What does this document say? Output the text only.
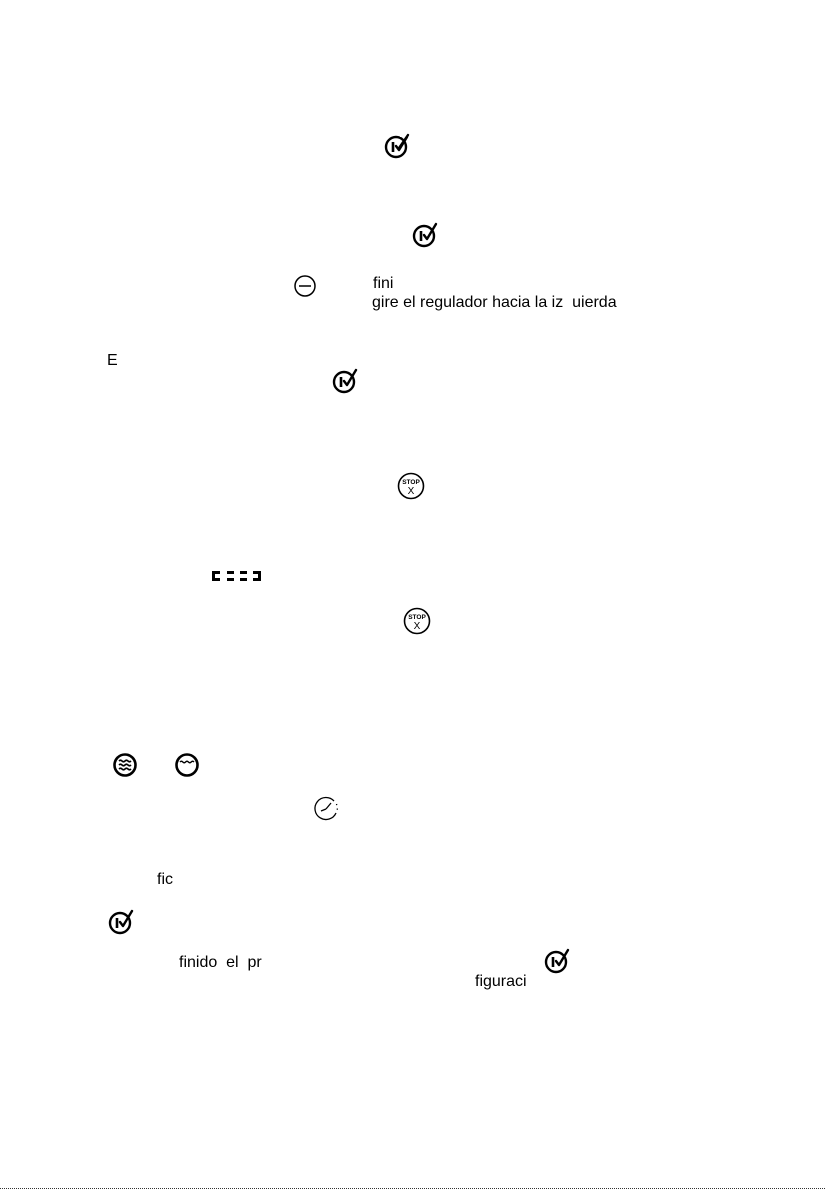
fini
gire el regulador hacia la iz  uierda
E
STOP
X
STOP
X
fic
finido  el  pr
figuraci
